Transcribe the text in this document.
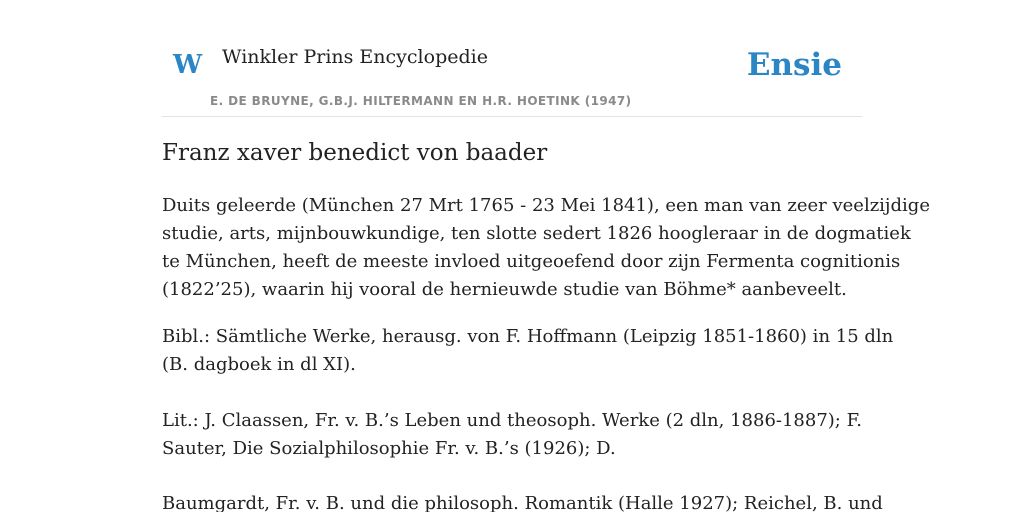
W Winkler Prins Encyclopedie
E. DE BRUYNE, G.B.J. HILTERMANN EN H.R. HOETINK (1947)
Ensie
Franz xaver benedict von baader

Duits geleerde (München 27 Mrt 1765 - 23 Mei 1841), een man van zeer veelzijdige
studie, arts, mijnbouwkundige, ten slotte sedert 1826 hoogleraar in de dogmatiek
te München, heeft de meeste invloed uitgeoefend door zijn Fermenta cognitionis
(1822’25), waarin hij vooral de hernieuwde studie van Böhme* aanbeveelt.

Bibl.: Sämtliche Werke, herausg. von F. Hoffmann (Leipzig 1851-1860) in 15 dln
(B. dagboek in dl XI).

Lit.: J. Claassen, Fr. v. B.’s Leben und theosoph. Werke (2 dln, 1886-1887); F.
Sauter, Die Sozialphilosophie Fr. v. B.’s (1926); D.

Baumgardt, Fr. v. B. und die philosoph. Romantik (Halle 1927); Reichel, B. und
